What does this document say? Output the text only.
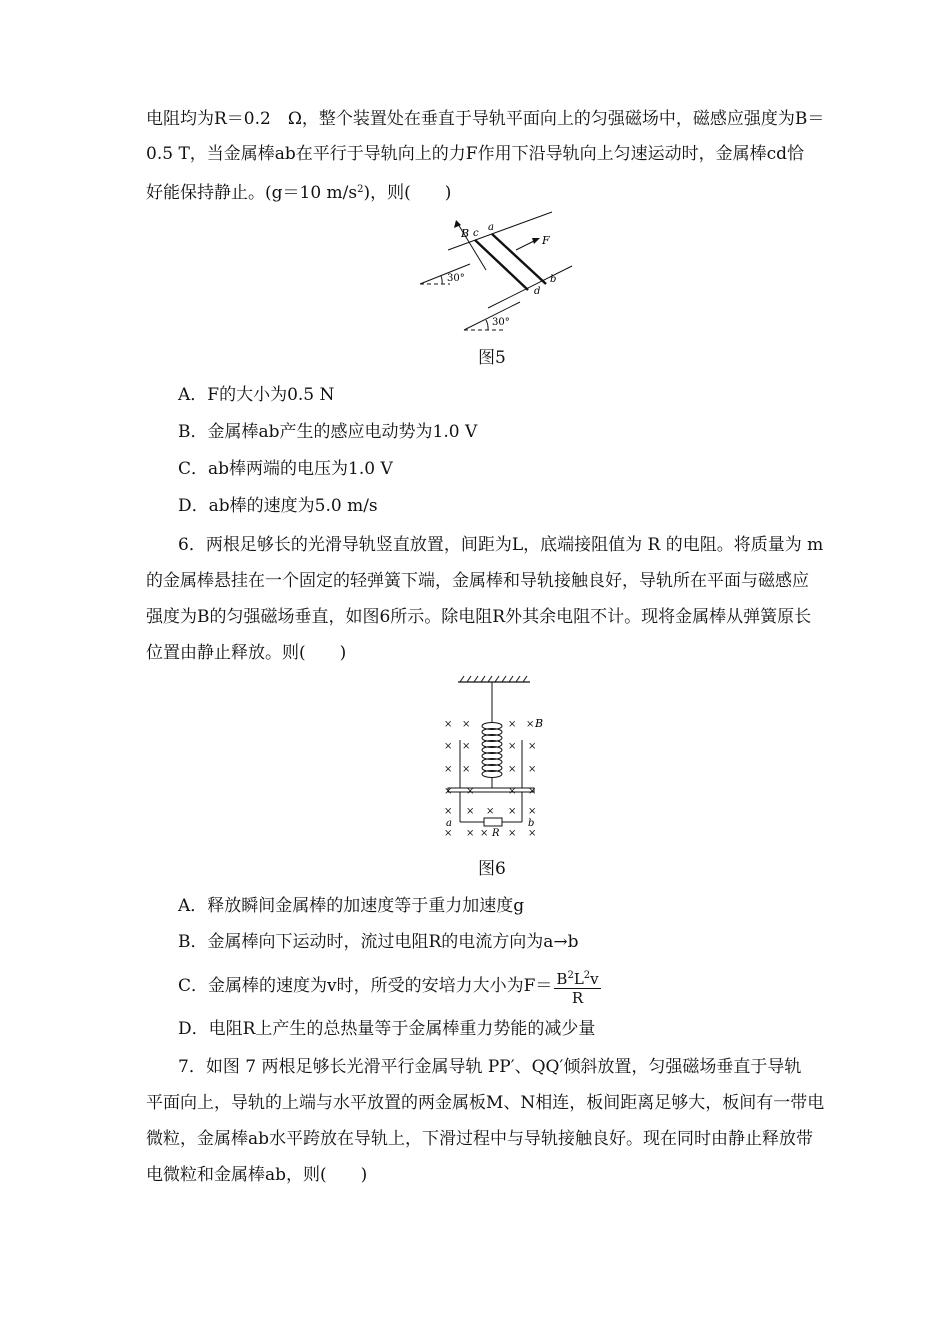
电阻均为R＝0.2　Ω，整个装置处在垂直于导轨平面向上的匀强磁场中，磁感应强度为B＝
0.5 T，当金属棒ab在平行于导轨向上的力F作用下沿导轨向上匀速运动时，金属棒cd恰
好能保持静止。(g＝10 $m/s^2$)，则(　　)
B c
a
F
b
d
30°
30°
图5
A．F的大小为0.5 N
B．金属棒ab产生的感应电动势为1.0 V
C．ab棒两端的电压为1.0 V
D．ab棒的速度为5.0 m/s
6．两根足够长的光滑导轨竖直放置，间距为L，底端接阻值为 R 的电阻。将质量为 m
的金属棒悬挂在一个固定的轻弹簧下端，金属棒和导轨接触良好，导轨所在平面与磁感应
强度为B的匀强磁场垂直，如图6所示。除电阻R外其余电阻不计。现将金属棒从弹簧原长
位置由静止释放。则(　　)
× ×	× ×
× ×	× ×
× ×	× ×
× ×	× ×
× × × × ×
× ×	× ×
×
B
a	b
R
图6
A．释放瞬间金属棒的加速度等于重力加速度g
B．金属棒向下运动时，流过电阻R的电流方向为a→b
C．金属棒的速度为v时，所受的安培力大小为$F= \frac{B^2L^2v}{R}$
D．电阻R上产生的总热量等于金属棒重力势能的减少量
7．如图 7 两根足够长光滑平行金属导轨 PP′、QQ′倾斜放置，匀强磁场垂直于导轨
平面向上，导轨的上端与水平放置的两金属板M、N相连，板间距离足够大，板间有一带电
微粒，金属棒ab水平跨放在导轨上，下滑过程中与导轨接触良好。现在同时由静止释放带
电微粒和金属棒ab，则(　　)
